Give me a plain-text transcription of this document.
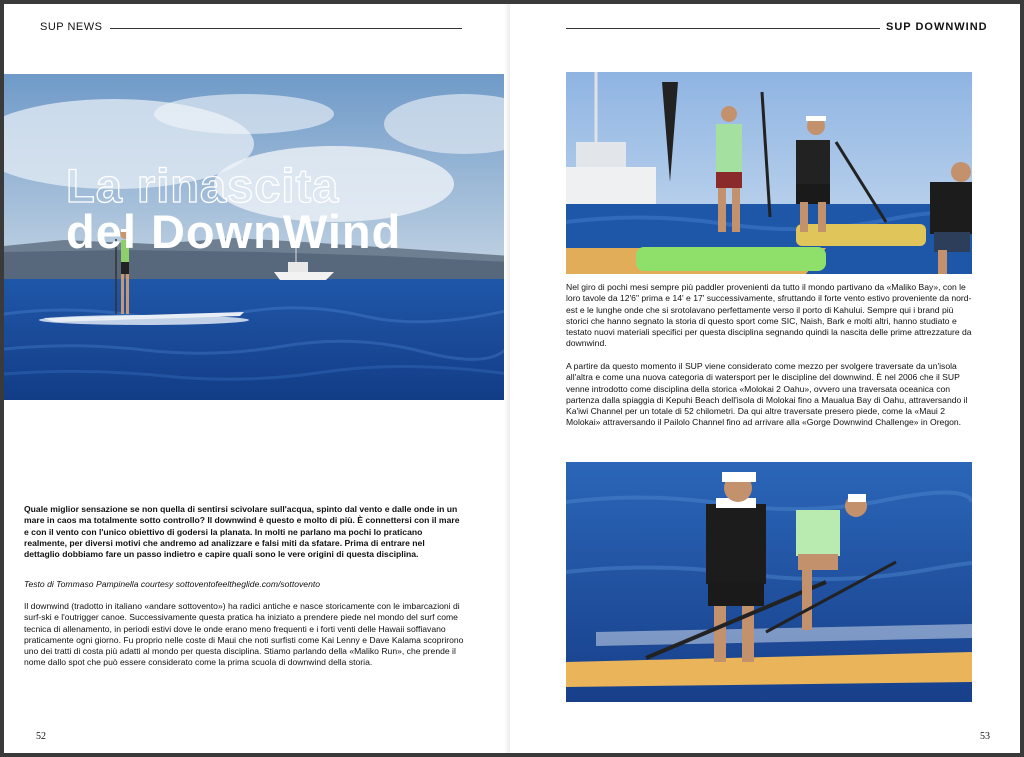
SUP NEWS
La rinascita
del DownWind
Quale miglior sensazione se non quella di sentirsi scivolare sull'acqua, spinto dal vento e dalle onde in un mare in caos ma totalmente sotto controllo? Il downwind è questo e molto di più. È connettersi con il mare e con il vento con l'unico obiettivo di godersi la planata. In molti ne parlano ma pochi lo praticano realmente, per diversi motivi che andremo ad analizzare e falsi miti da sfatare. Prima di entrare nel dettaglio dobbiamo fare un passo indietro e capire quali sono le vere origini di questa disciplina.
Testo di Tommaso Pampinella courtesy sottoventofeeltheglide.com/sottovento
Il downwind (tradotto in italiano «andare sottovento») ha radici antiche e nasce storicamente con le imbarcazioni di surf-ski e l'outrigger canoe. Successivamente questa pratica ha iniziato a prendere piede nel mondo del surf come tecnica di allenamento, in periodi estivi dove le onde erano meno frequenti e i forti venti delle Hawaii soffiavano praticamente ogni giorno. Fu proprio nelle coste di Maui che noti surfisti come Kai Lenny e Dave Kalama scoprirono uno dei tratti di costa più adatti al mondo per questa disciplina. Stiamo parlando della «Maliko Run», che prende il nome dallo spot che può essere considerato come la prima scuola di downwind della storia.
52
SUP DOWNWIND
Nel giro di pochi mesi sempre più paddler provenienti da tutto il mondo partivano da «Maliko Bay», con le loro tavole da 12'6" prima e 14' e 17' successivamente, sfruttando il forte vento estivo proveniente da nord-est e le lunghe onde che si srotolavano perfettamente verso il porto di Kahului. Sempre qui i brand più storici che hanno segnato la storia di questo sport come SIC, Naish, Bark e molti altri, hanno studiato e testato nuovi materiali specifici per questa disciplina segnando quindi la nascita delle prime attrezzature da downwind.
A partire da questo momento il SUP viene considerato come mezzo per svolgere traversate da un'isola all'altra e come una nuova categoria di watersport per le discipline del downwind. È nel 2006 che il SUP venne introdotto come disciplina della storica «Molokai 2 Oahu», ovvero una traversata oceanica con partenza dalla spiaggia di Kepuhi Beach dell'isola di Molokai fino a Maualua Bay di Oahu, attraversando il Ka'iwi Channel per un totale di 52 chilometri. Da qui altre traversate presero piede, come la «Maui 2 Molokai» attraversando il Pailolo Channel fino ad arrivare alla «Gorge Downwind Challenge» in Oregon.
53
